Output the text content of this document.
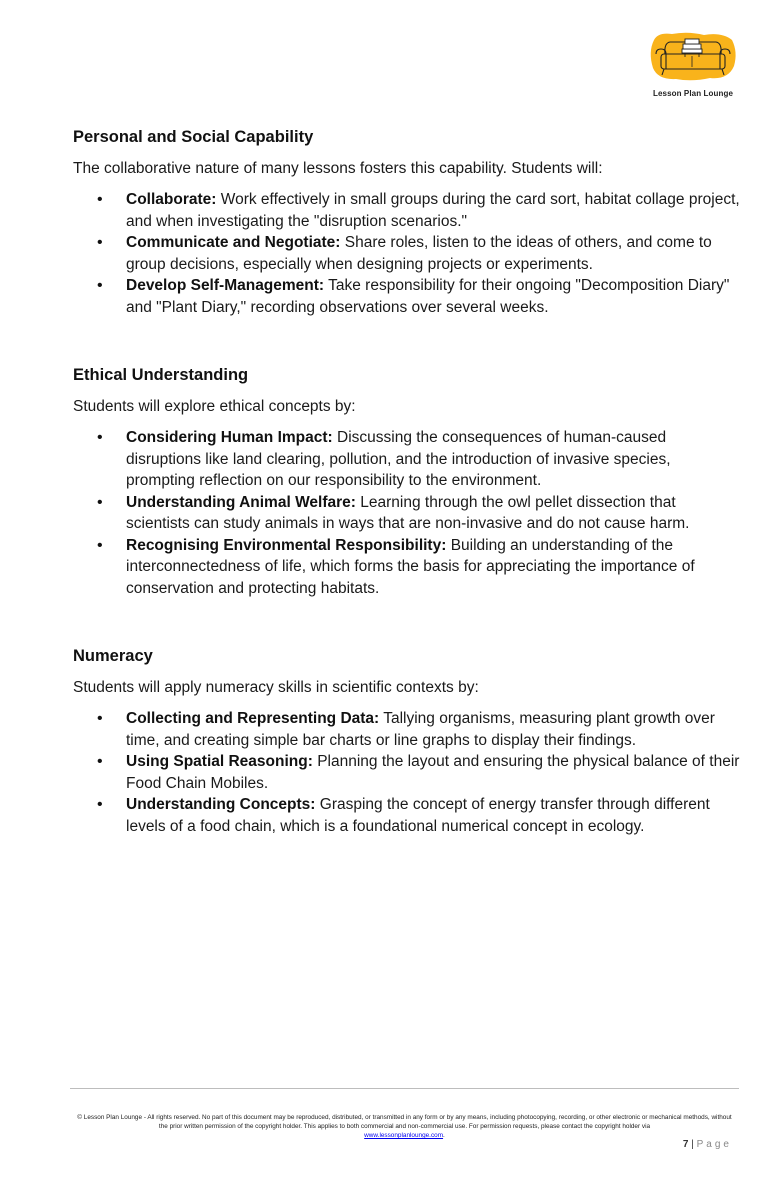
Lesson Plan Lounge
Personal and Social Capability

The collaborative nature of many lessons fosters this capability. Students will:

• Collaborate: Work effectively in small groups during the card sort, habitat collage project, and when investigating the "disruption scenarios."
• Communicate and Negotiate: Share roles, listen to the ideas of others, and come to group decisions, especially when designing projects or experiments.
• Develop Self-Management: Take responsibility for their ongoing "Decomposition Diary" and "Plant Diary," recording observations over several weeks.
Ethical Understanding

Students will explore ethical concepts by:

• Considering Human Impact: Discussing the consequences of human-caused disruptions like land clearing, pollution, and the introduction of invasive species, prompting reflection on our responsibility to the environment.
• Understanding Animal Welfare: Learning through the owl pellet dissection that scientists can study animals in ways that are non-invasive and do not cause harm.
• Recognising Environmental Responsibility: Building an understanding of the interconnectedness of life, which forms the basis for appreciating the importance of conservation and protecting habitats.
Numeracy

Students will apply numeracy skills in scientific contexts by:

• Collecting and Representing Data: Tallying organisms, measuring plant growth over time, and creating simple bar charts or line graphs to display their findings.
• Using Spatial Reasoning: Planning the layout and ensuring the physical balance of their Food Chain Mobiles.
• Understanding Concepts: Grasping the concept of energy transfer through different levels of a food chain, which is a foundational numerical concept in ecology.
© Lesson Plan Lounge - All rights reserved. No part of this document may be reproduced, distributed, or transmitted in any form or by any means, including photocopying, recording, or other electronic or mechanical methods, without the prior written permission of the copyright holder. This applies to both commercial and non-commercial use. For permission requests, please contact the copyright holder via
www.lessonplanlounge.com.
7 | Page
